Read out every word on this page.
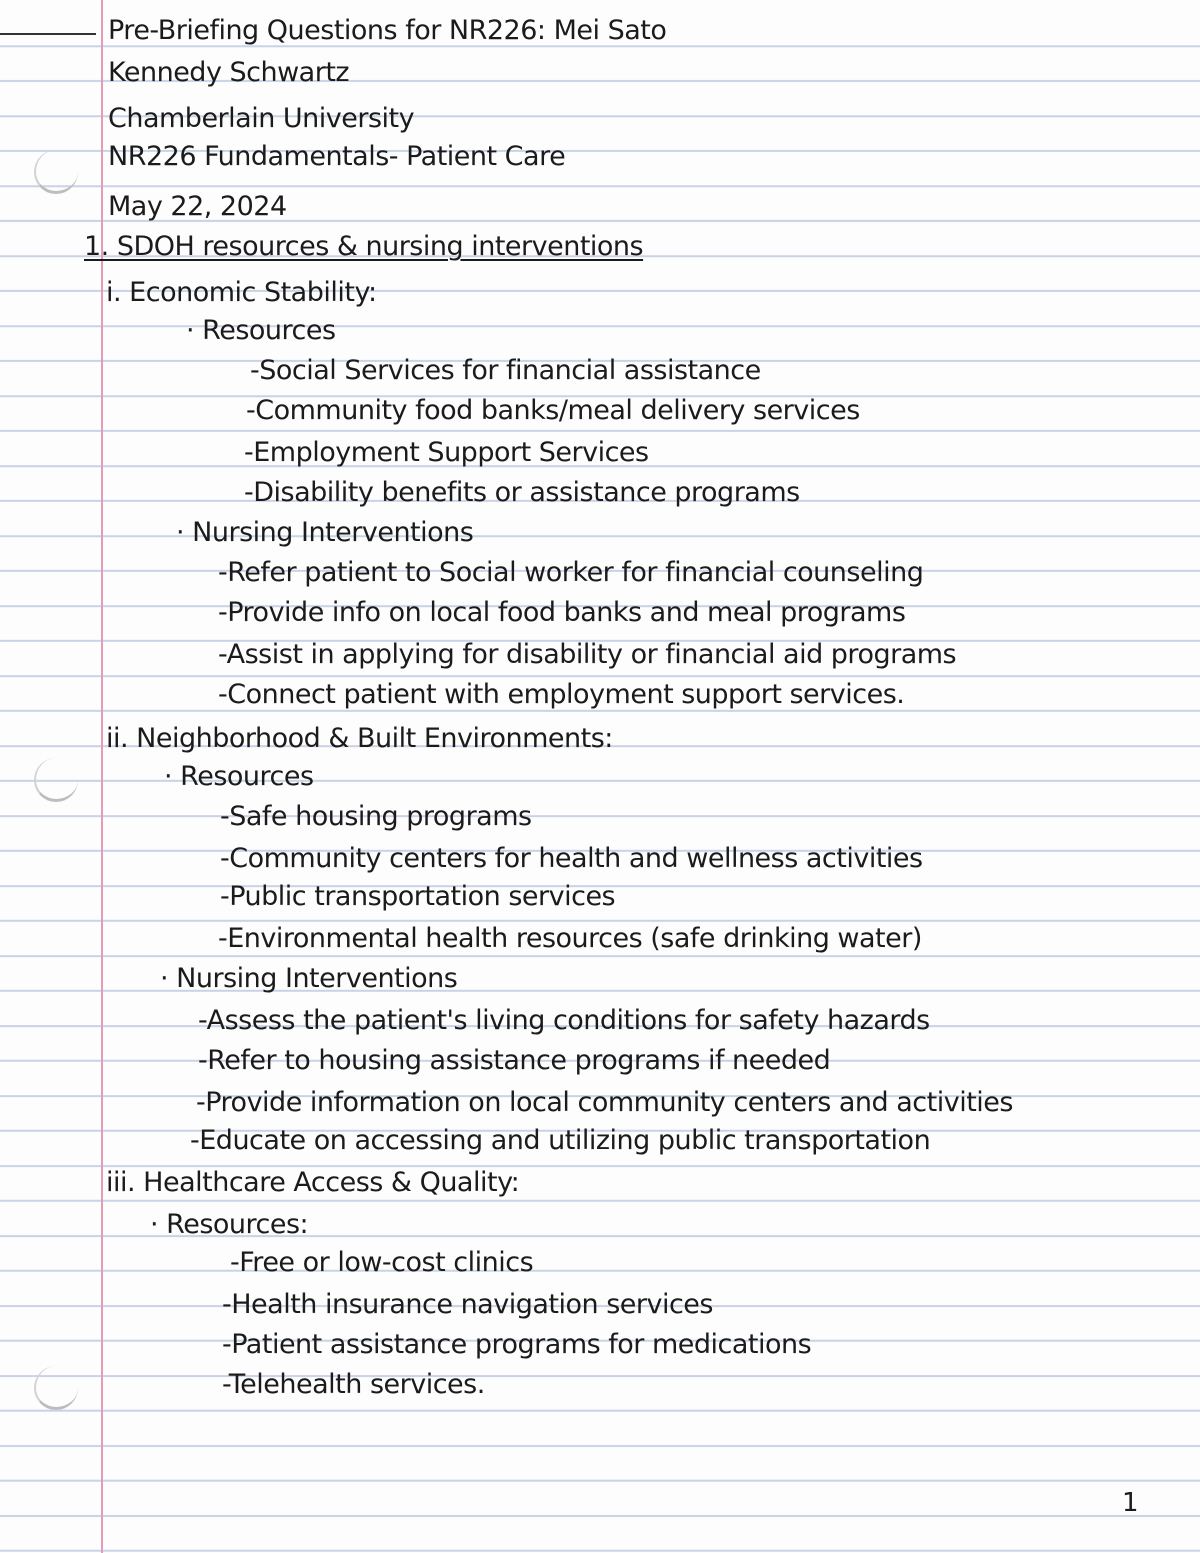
Pre-Briefing Questions for NR226: Mei Sato
Kennedy Schwartz
Chamberlain University
NR226 Fundamentals- Patient Care
May 22, 2024
1. SDOH resources & nursing interventions
i. Economic Stability:
· Resources
-Social Services for financial assistance
-Community food banks/meal delivery services
-Employment Support Services
-Disability benefits or assistance programs
· Nursing Interventions
-Refer patient to Social worker for financial counseling
-Provide info on local food banks and meal programs
-Assist in applying for disability or financial aid programs
-Connect patient with employment support services.
ii. Neighborhood & Built Environments:
· Resources
-Safe housing programs
-Community centers for health and wellness activities
-Public transportation services
-Environmental health resources (safe drinking water)
· Nursing Interventions
-Assess the patient's living conditions for safety hazards
-Refer to housing assistance programs if needed
-Provide information on local community centers and activities
-Educate on accessing and utilizing public transportation
iii. Healthcare Access & Quality:
· Resources:
-Free or low-cost clinics
-Health insurance navigation services
-Patient assistance programs for medications
-Telehealth services.
1
